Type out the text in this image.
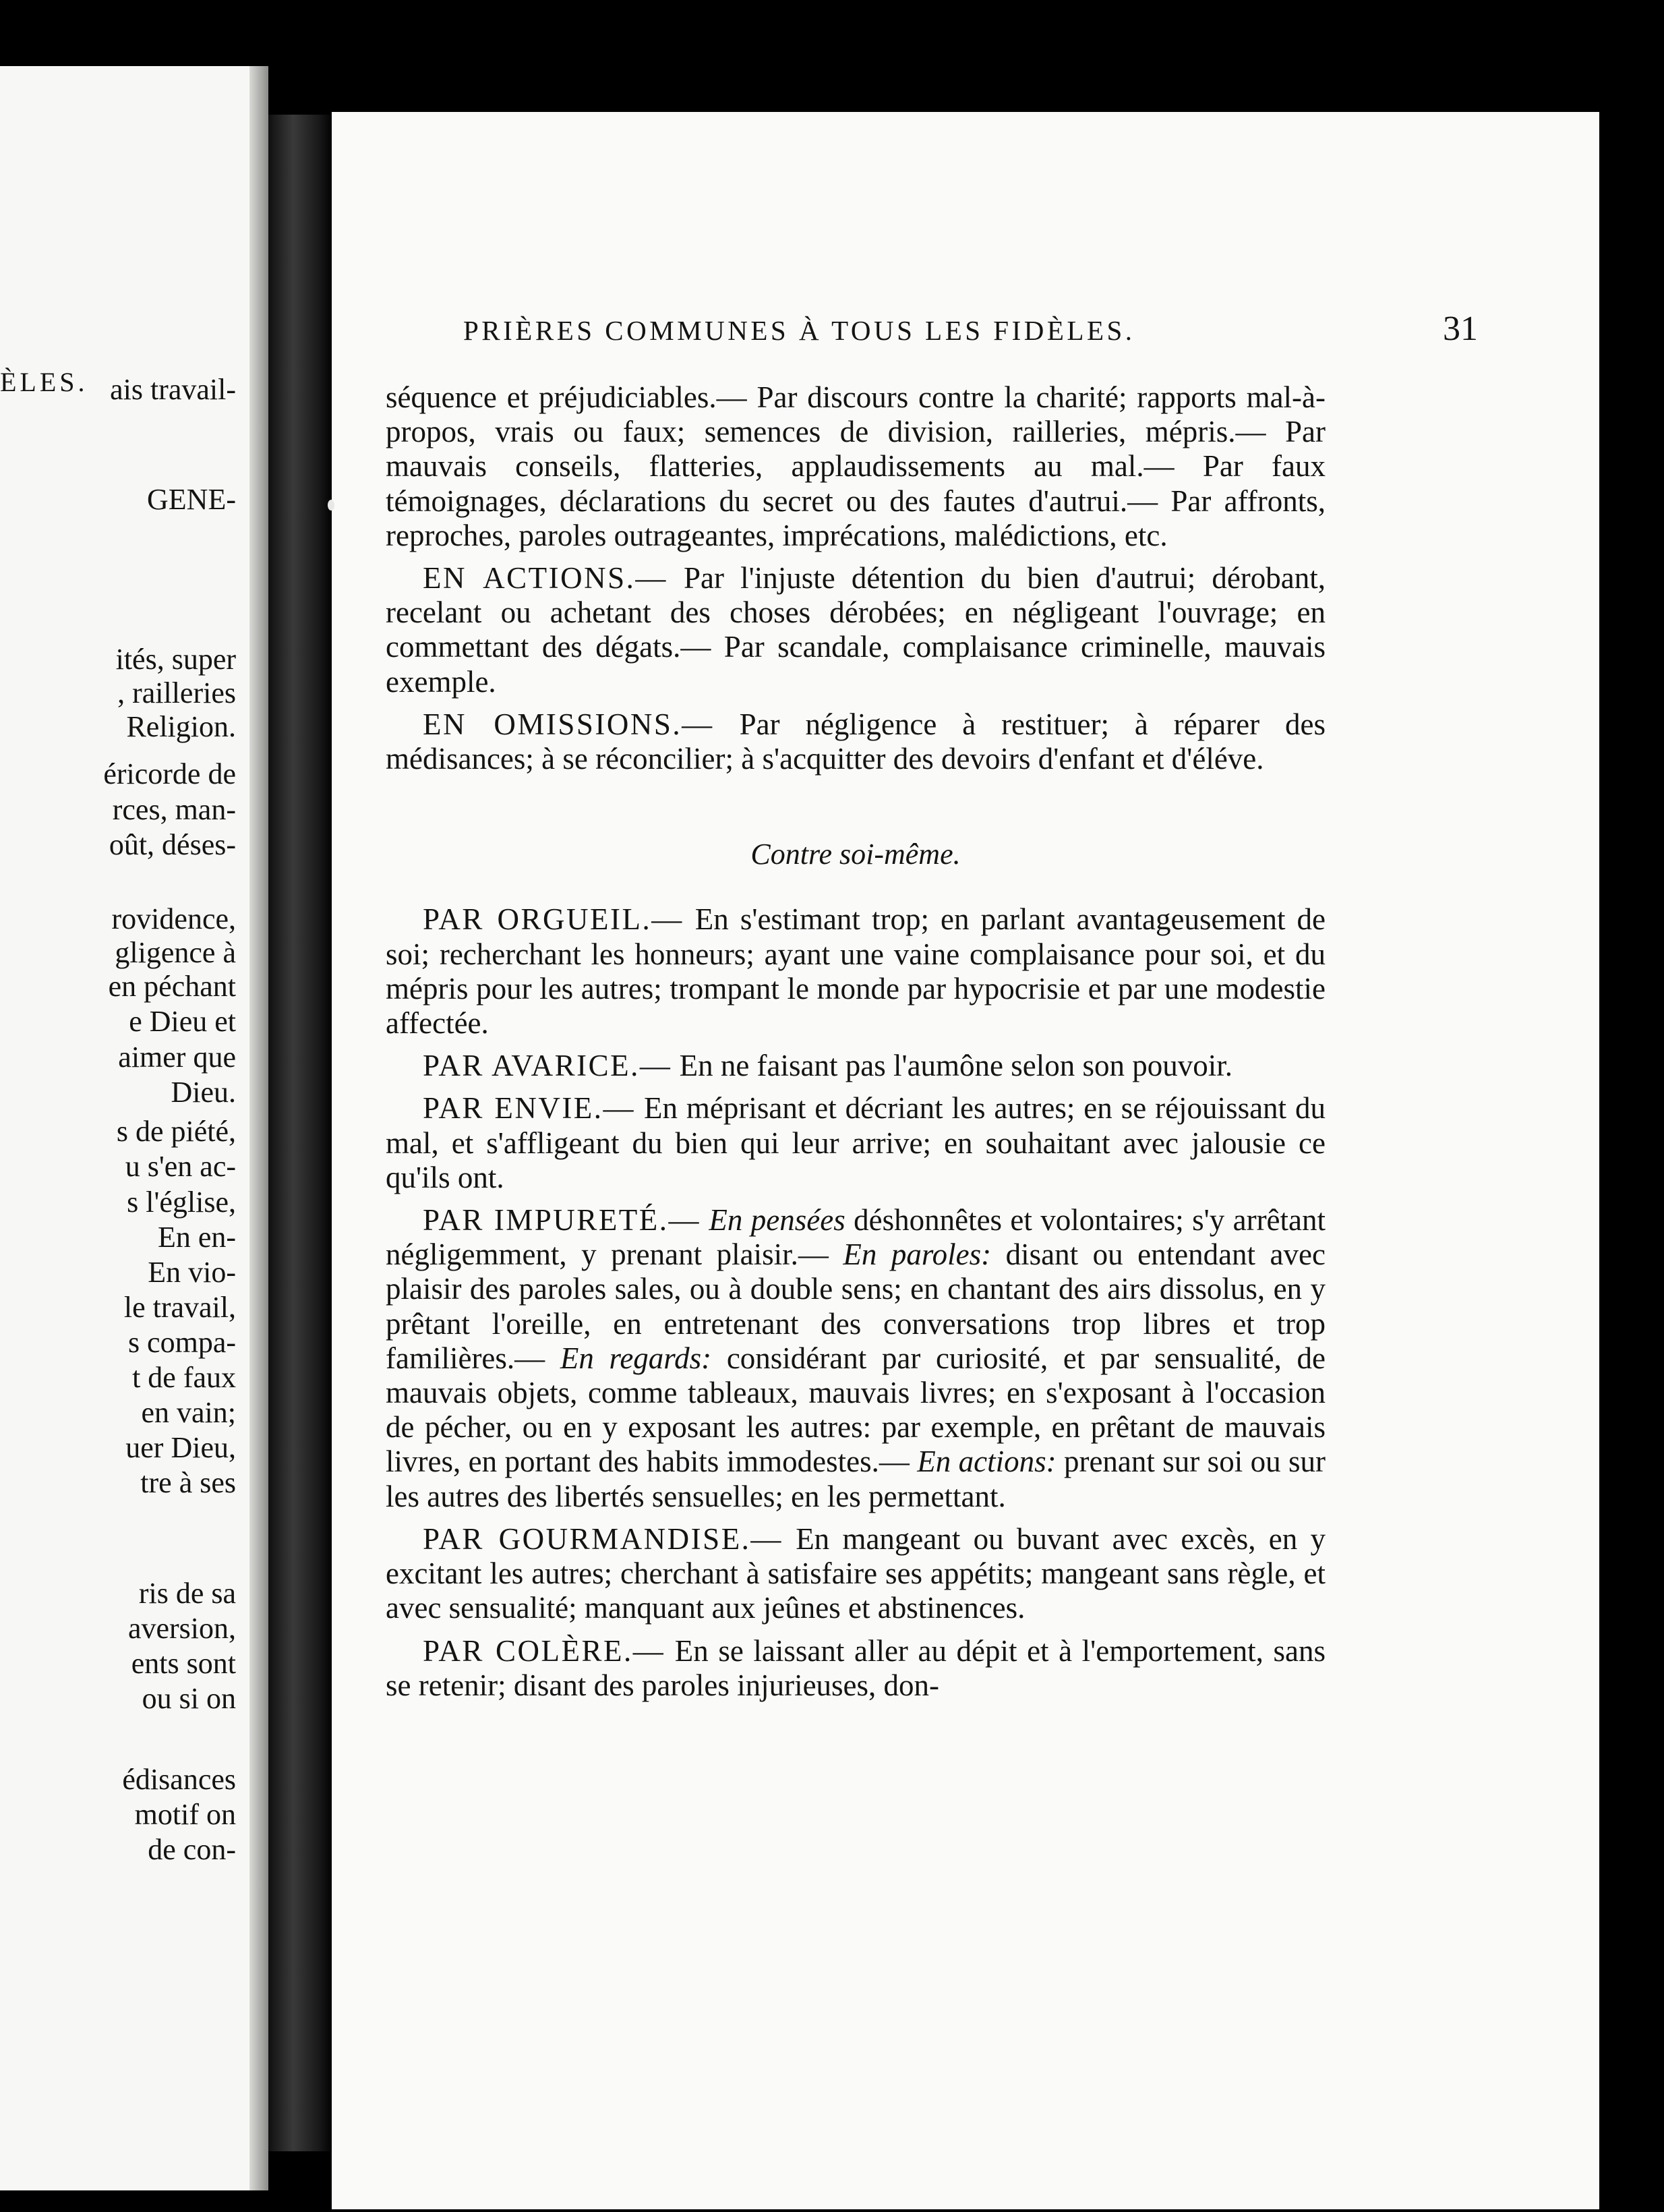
ÈLES. ais travail-
GENE-
ités, super
, railleries
Religion.
éricorde de
rces, man-
oût, déses-
rovidence,
gligence à
en péchant
e Dieu et
aimer que
Dieu.
s de piété,
u s'en ac-
s l'église,
En en-
En vio-
le travail,
s compa-
t de faux
en vain;
uer Dieu,
tre à ses
ris de sa
aversion,
ents sont
ou si on
édisances
motif on
de con-
PRIÈRES COMMUNES À TOUS LES FIDÈLES.	31

séquence et préjudiciables.— Par discours contre la charité; rapports mal-à-propos, vrais ou faux; semences de division, railleries, mépris.— Par mauvais conseils, flatteries, applaudissements au mal.— Par faux témoignages, déclarations du secret ou des fautes d'autrui.— Par affronts, reproches, paroles outrageantes, imprécations, malédictions, etc.

EN ACTIONS.— Par l'injuste détention du bien d'autrui; dérobant, recelant ou achetant des choses dérobées; en négligeant l'ouvrage; en commettant des dégats.— Par scandale, complaisance criminelle, mauvais exemple.

EN OMISSIONS.— Par négligence à restituer; à réparer des médisances; à se réconcilier; à s'acquitter des devoirs d'enfant et d'éléve.

Contre soi-même.

PAR ORGUEIL.— En s'estimant trop; en parlant avantageusement de soi; recherchant les honneurs; ayant une vaine complaisance pour soi, et du mépris pour les autres; trompant le monde par hypocrisie et par une modestie affectée.

PAR AVARICE.— En ne faisant pas l'aumône selon son pouvoir.

PAR ENVIE.— En méprisant et décriant les autres; en se réjouissant du mal, et s'affligeant du bien qui leur arrive; en souhaitant avec jalousie ce qu'ils ont.

PAR IMPURETÉ.— En pensées déshonnêtes et volontaires; s'y arrêtant négligemment, y prenant plaisir.— En paroles: disant ou entendant avec plaisir des paroles sales, ou à double sens; en chantant des airs dissolus, en y prêtant l'oreille, en entretenant des conversations trop libres et trop familières.— En regards: considérant par curiosité, et par sensualité, de mauvais objets, comme tableaux, mauvais livres; en s'exposant à l'occasion de pécher, ou en y exposant les autres: par exemple, en prêtant de mauvais livres, en portant des habits immodestes.— En actions: prenant sur soi ou sur les autres des libertés sensuelles; en les permettant.

PAR GOURMANDISE.— En mangeant ou buvant avec excès, en y excitant les autres; cherchant à satisfaire ses appétits; mangeant sans règle, et avec sensualité; manquant aux jeûnes et abstinences.

PAR COLÈRE.— En se laissant aller au dépit et à l'emportement, sans se retenir; disant des paroles injurieuses, don-
